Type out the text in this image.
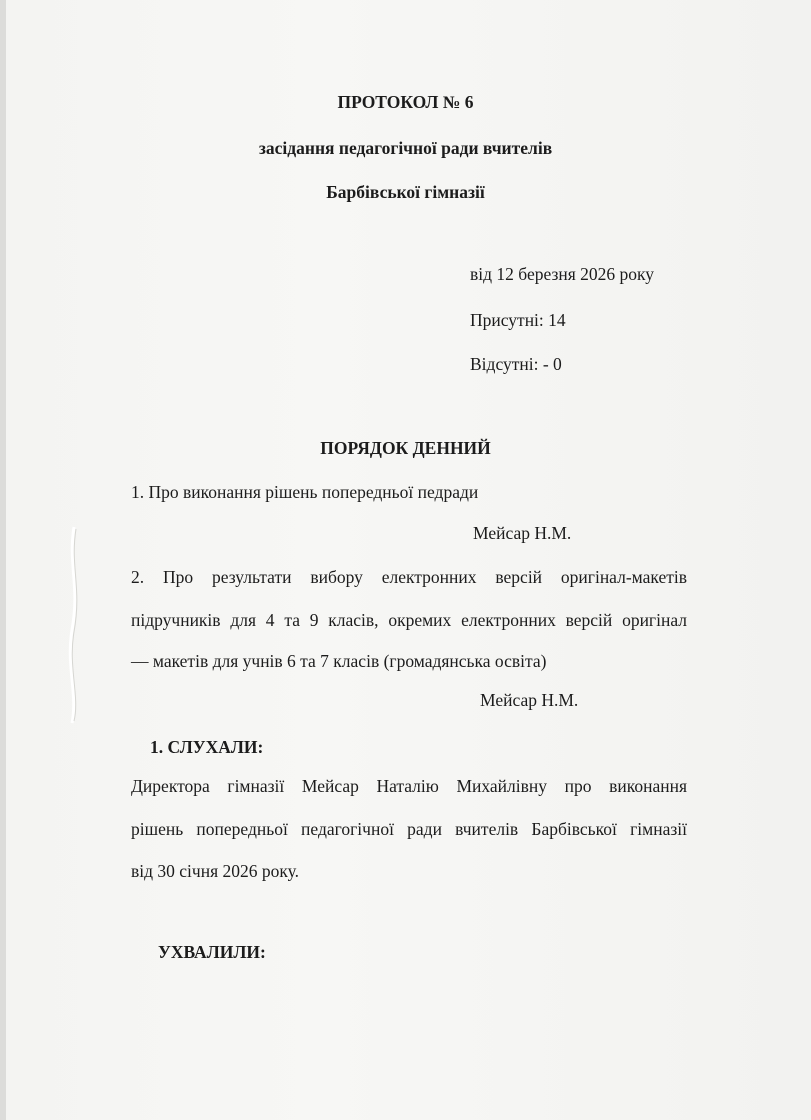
ПРОТОКОЛ № 6
засідання педагогічної ради вчителів
Барбівської гімназії
від 12 березня 2026 року
Присутні: 14
Відсутні: - 0
ПОРЯДОК ДЕННИЙ
1. Про виконання рішень попередньої педради
Мейсар Н.М.
2. Про результати вибору електронних версій оригінал-макетів
підручників для 4 та 9 класів, окремих електронних версій оригінал
— макетів для учнів 6 та 7 класів (громадянська освіта)
Мейсар Н.М.
1. СЛУХАЛИ:
Директора гімназії Мейсар Наталію Михайлівну про виконання
рішень попередньої педагогічної ради вчителів Барбівської гімназії
від 30 січня 2026 року.
УХВАЛИЛИ:
